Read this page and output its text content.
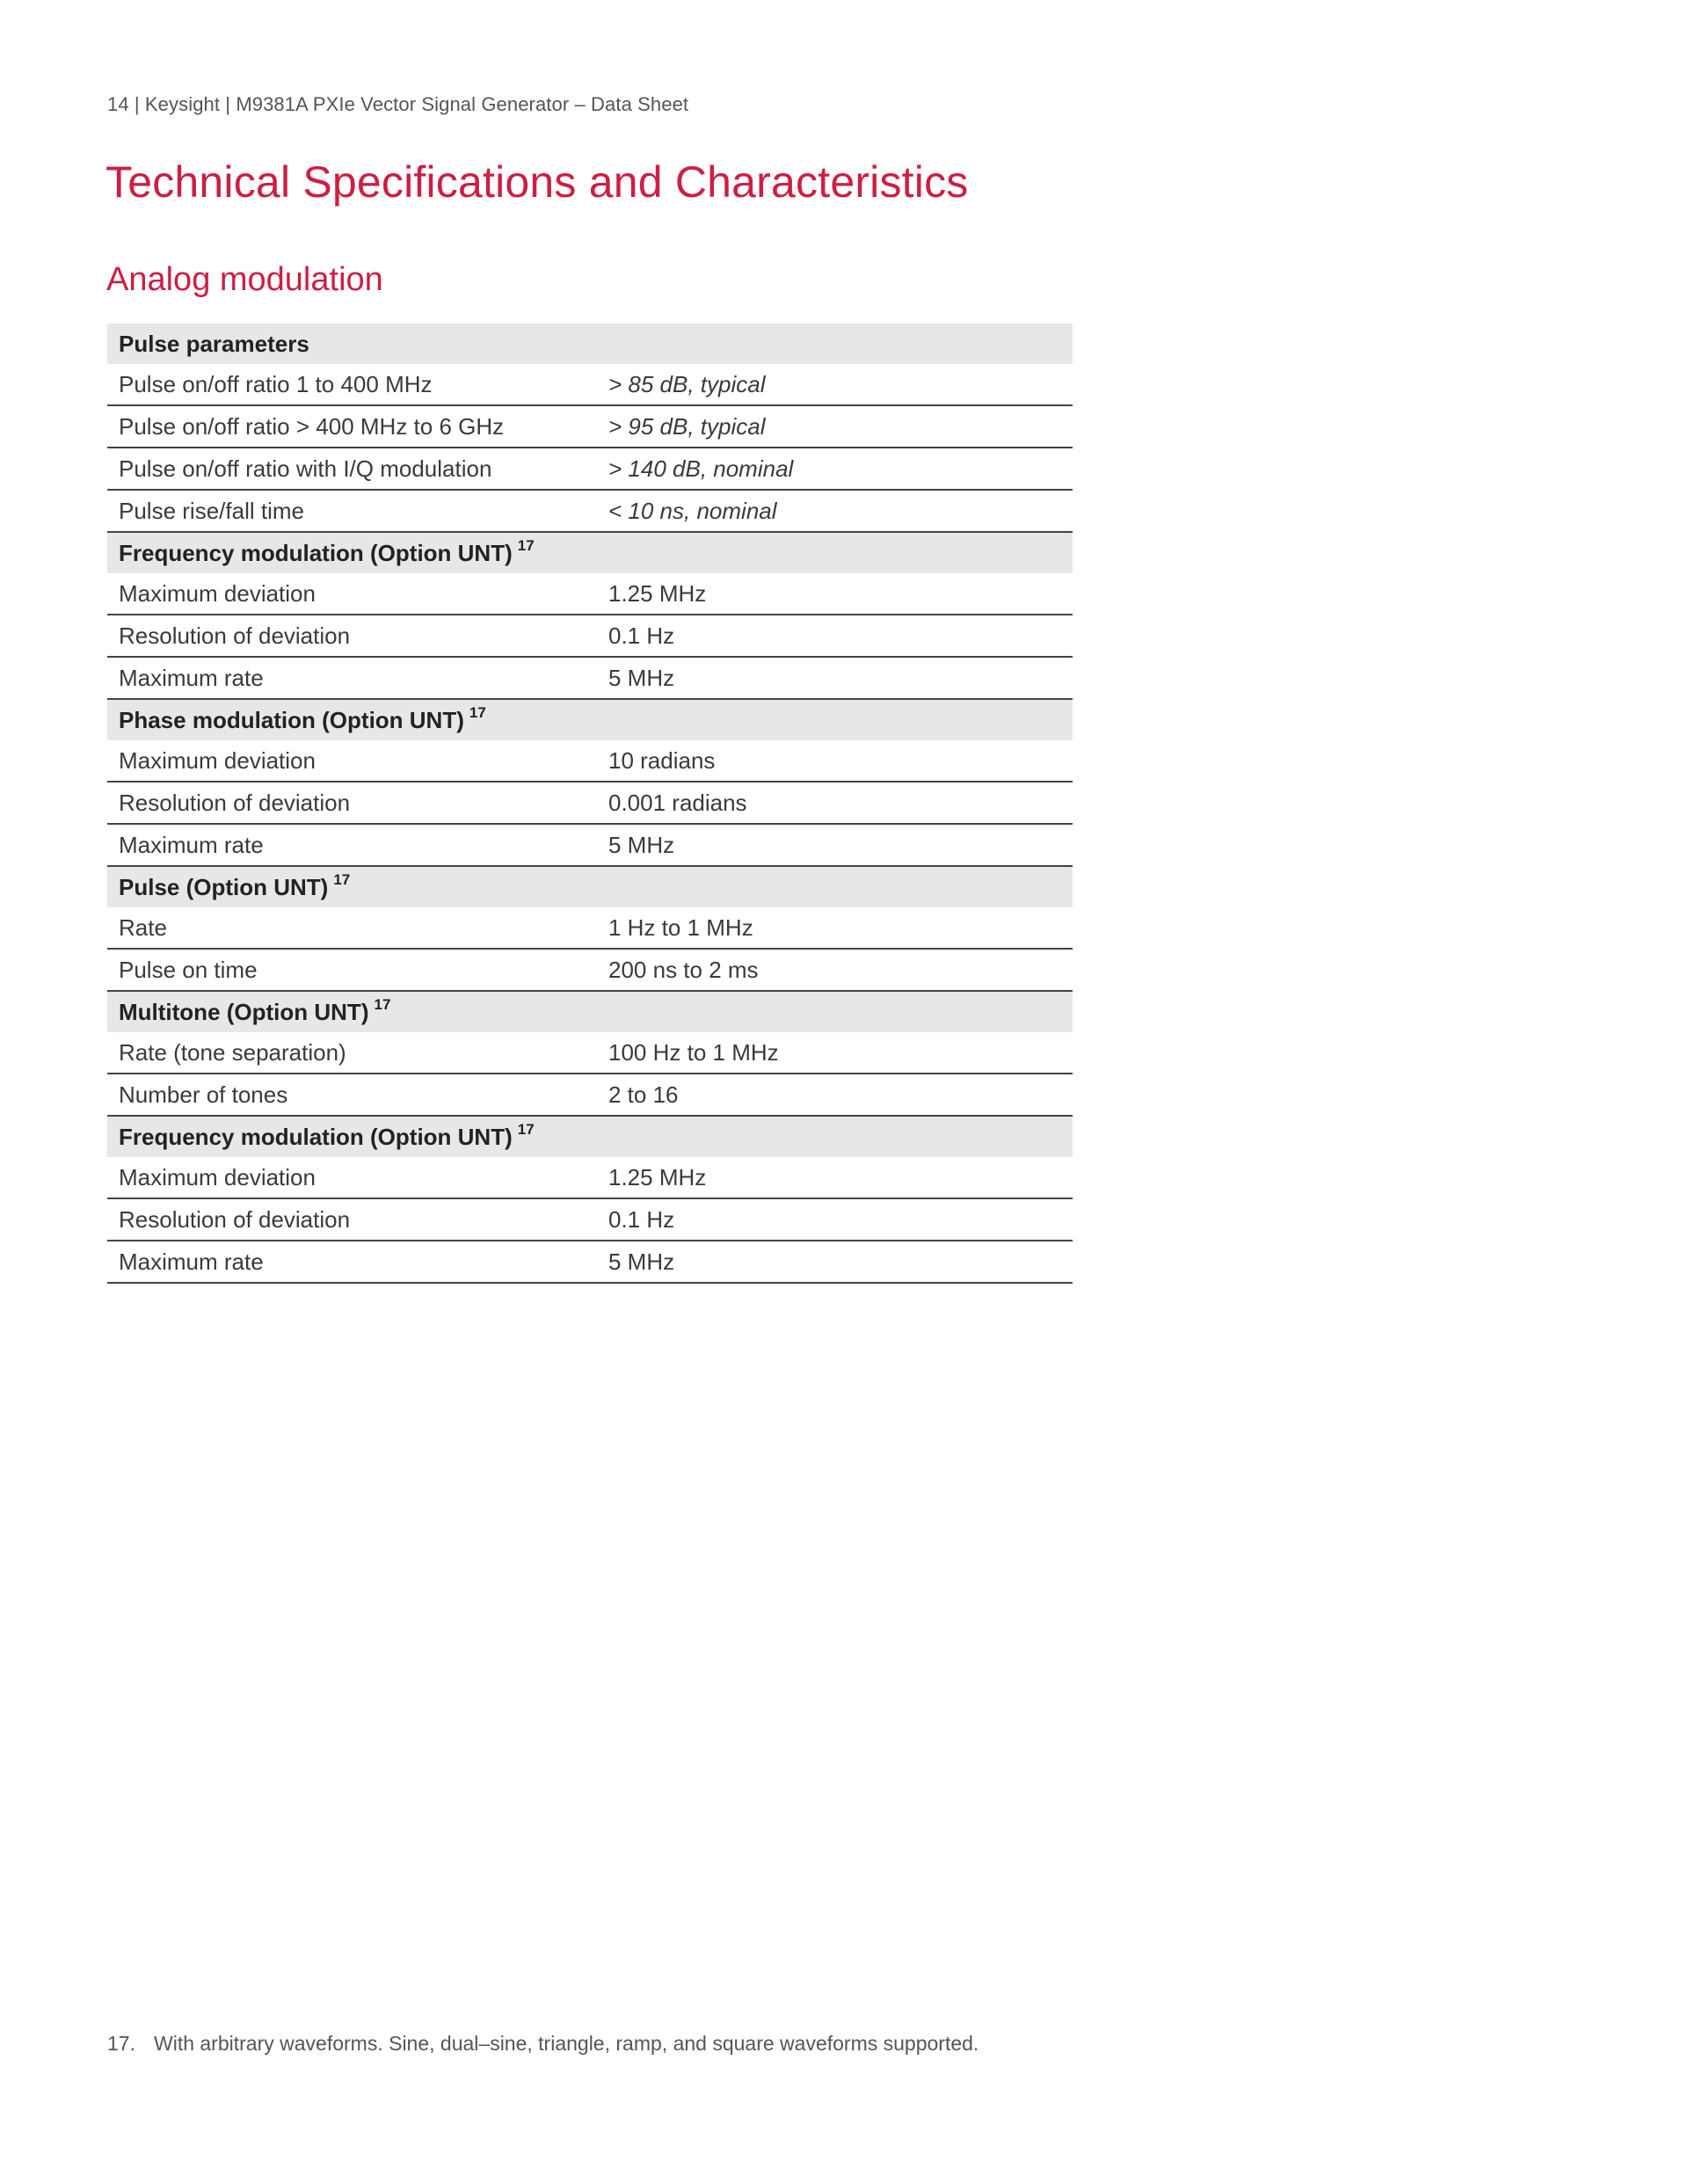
14 | Keysight | M9381A PXIe Vector Signal Generator – Data Sheet
Technical Specifications and Characteristics
Analog modulation
Pulse parameters	
Pulse on/off ratio 1 to 400 MHz	> 85 dB, typical
Pulse on/off ratio > 400 MHz to 6 GHz	> 95 dB, typical
Pulse on/off ratio with I/Q modulation	> 140 dB, nominal
Pulse rise/fall time	< 10 ns, nominal
Frequency modulation (Option UNT) $^{17}$
Maximum deviation	1.25 MHz
Resolution of deviation	0.1 Hz
Maximum rate	5 MHz
Phase modulation (Option UNT) $^{17}$
Maximum deviation	10 radians
Resolution of deviation	0.001 radians
Maximum rate	5 MHz
Pulse (Option UNT) $^{17}$
Rate	1 Hz to 1 MHz
Pulse on time	200 ns to 2 ms
Multitone (Option UNT) $^{17}$
Rate (tone separation)	100 Hz to 1 MHz
Number of tones	2 to 16
Frequency modulation (Option UNT) $^{17}$
Maximum deviation	1.25 MHz
Resolution of deviation	0.1 Hz
Maximum rate	5 MHz
17. With arbitrary waveforms. Sine, dual–sine, triangle, ramp, and square waveforms supported.
